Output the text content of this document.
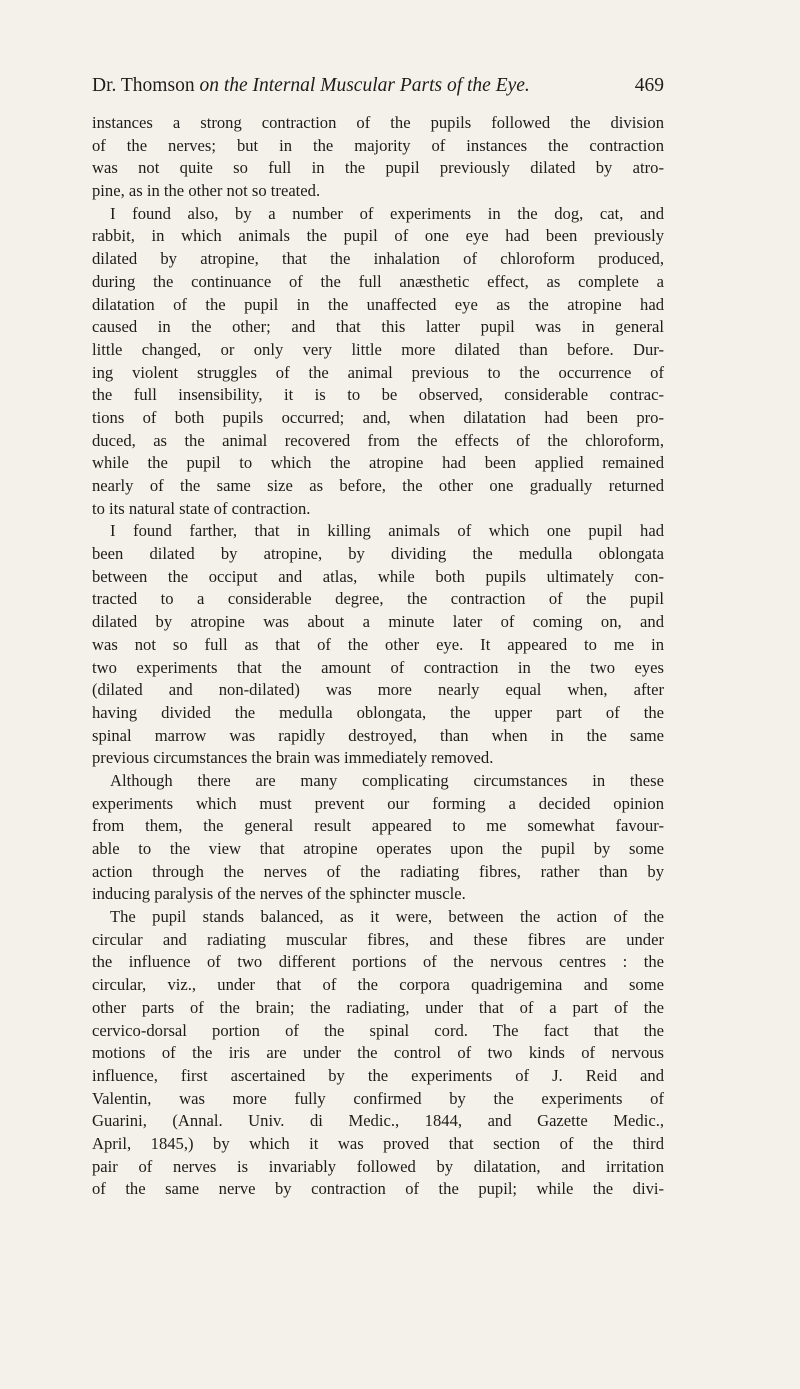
Dr. Thomson on the Internal Muscular Parts of the Eye.	469
instances a strong contraction of the pupils followed the division
of the nerves; but in the majority of instances the contraction
was not quite so full in the pupil previously dilated by atro-
pine, as in the other not so treated.
I found also, by a number of experiments in the dog, cat, and
rabbit, in which animals the pupil of one eye had been previously
dilated by atropine, that the inhalation of chloroform produced,
during the continuance of the full anæsthetic effect, as complete a
dilatation of the pupil in the unaffected eye as the atropine had
caused in the other; and that this latter pupil was in general
little changed, or only very little more dilated than before. Dur-
ing violent struggles of the animal previous to the occurrence of
the full insensibility, it is to be observed, considerable contrac-
tions of both pupils occurred; and, when dilatation had been pro-
duced, as the animal recovered from the effects of the chloroform,
while the pupil to which the atropine had been applied remained
nearly of the same size as before, the other one gradually returned
to its natural state of contraction.
I found farther, that in killing animals of which one pupil had
been dilated by atropine, by dividing the medulla oblongata
between the occiput and atlas, while both pupils ultimately con-
tracted to a considerable degree, the contraction of the pupil
dilated by atropine was about a minute later of coming on, and
was not so full as that of the other eye. It appeared to me in
two experiments that the amount of contraction in the two eyes
(dilated and non-dilated) was more nearly equal when, after
having divided the medulla oblongata, the upper part of the
spinal marrow was rapidly destroyed, than when in the same
previous circumstances the brain was immediately removed.
Although there are many complicating circumstances in these
experiments which must prevent our forming a decided opinion
from them, the general result appeared to me somewhat favour-
able to the view that atropine operates upon the pupil by some
action through the nerves of the radiating fibres, rather than by
inducing paralysis of the nerves of the sphincter muscle.
The pupil stands balanced, as it were, between the action of the
circular and radiating muscular fibres, and these fibres are under
the influence of two different portions of the nervous centres : the
circular, viz., under that of the corpora quadrigemina and some
other parts of the brain; the radiating, under that of a part of the
cervico-dorsal portion of the spinal cord. The fact that the
motions of the iris are under the control of two kinds of nervous
influence, first ascertained by the experiments of J. Reid and
Valentin, was more fully confirmed by the experiments of
Guarini, (Annal. Univ. di Medic., 1844, and Gazette Medic.,
April, 1845,) by which it was proved that section of the third
pair of nerves is invariably followed by dilatation, and irritation
of the same nerve by contraction of the pupil; while the divi-
